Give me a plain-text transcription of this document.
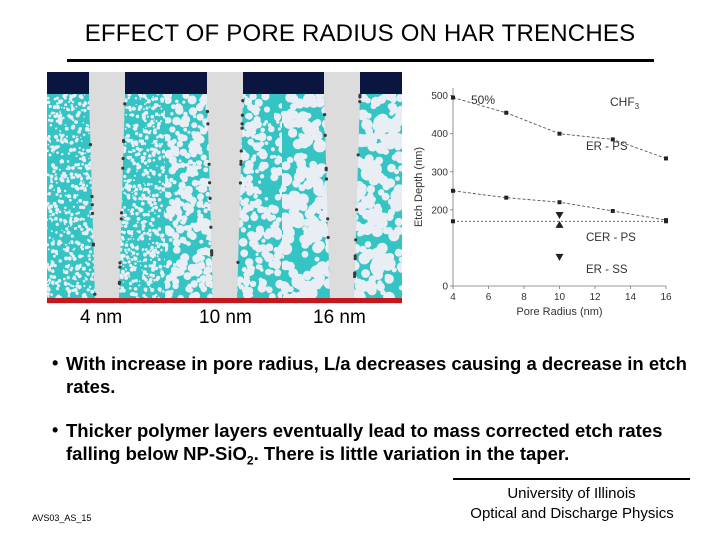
EFFECT OF PORE RADIUS ON HAR TRENCHES
4 nm	10 nm	16 nm
0
200
300
400
500
4	6	8	10 12 14 16
Pore Radius (nm)
Etch Depth (nm)
50%	$CHF_3$
ER - PS
CER - PS
ER - SS
• With increase in pore radius, L/a decreases causing a decrease in etch rates.
• Thicker polymer layers eventually lead to mass corrected etch rates falling below NP-SiO$_2$. There is little variation in the taper.
AVS03_AS_15
University of Illinois
Optical and Discharge Physics
